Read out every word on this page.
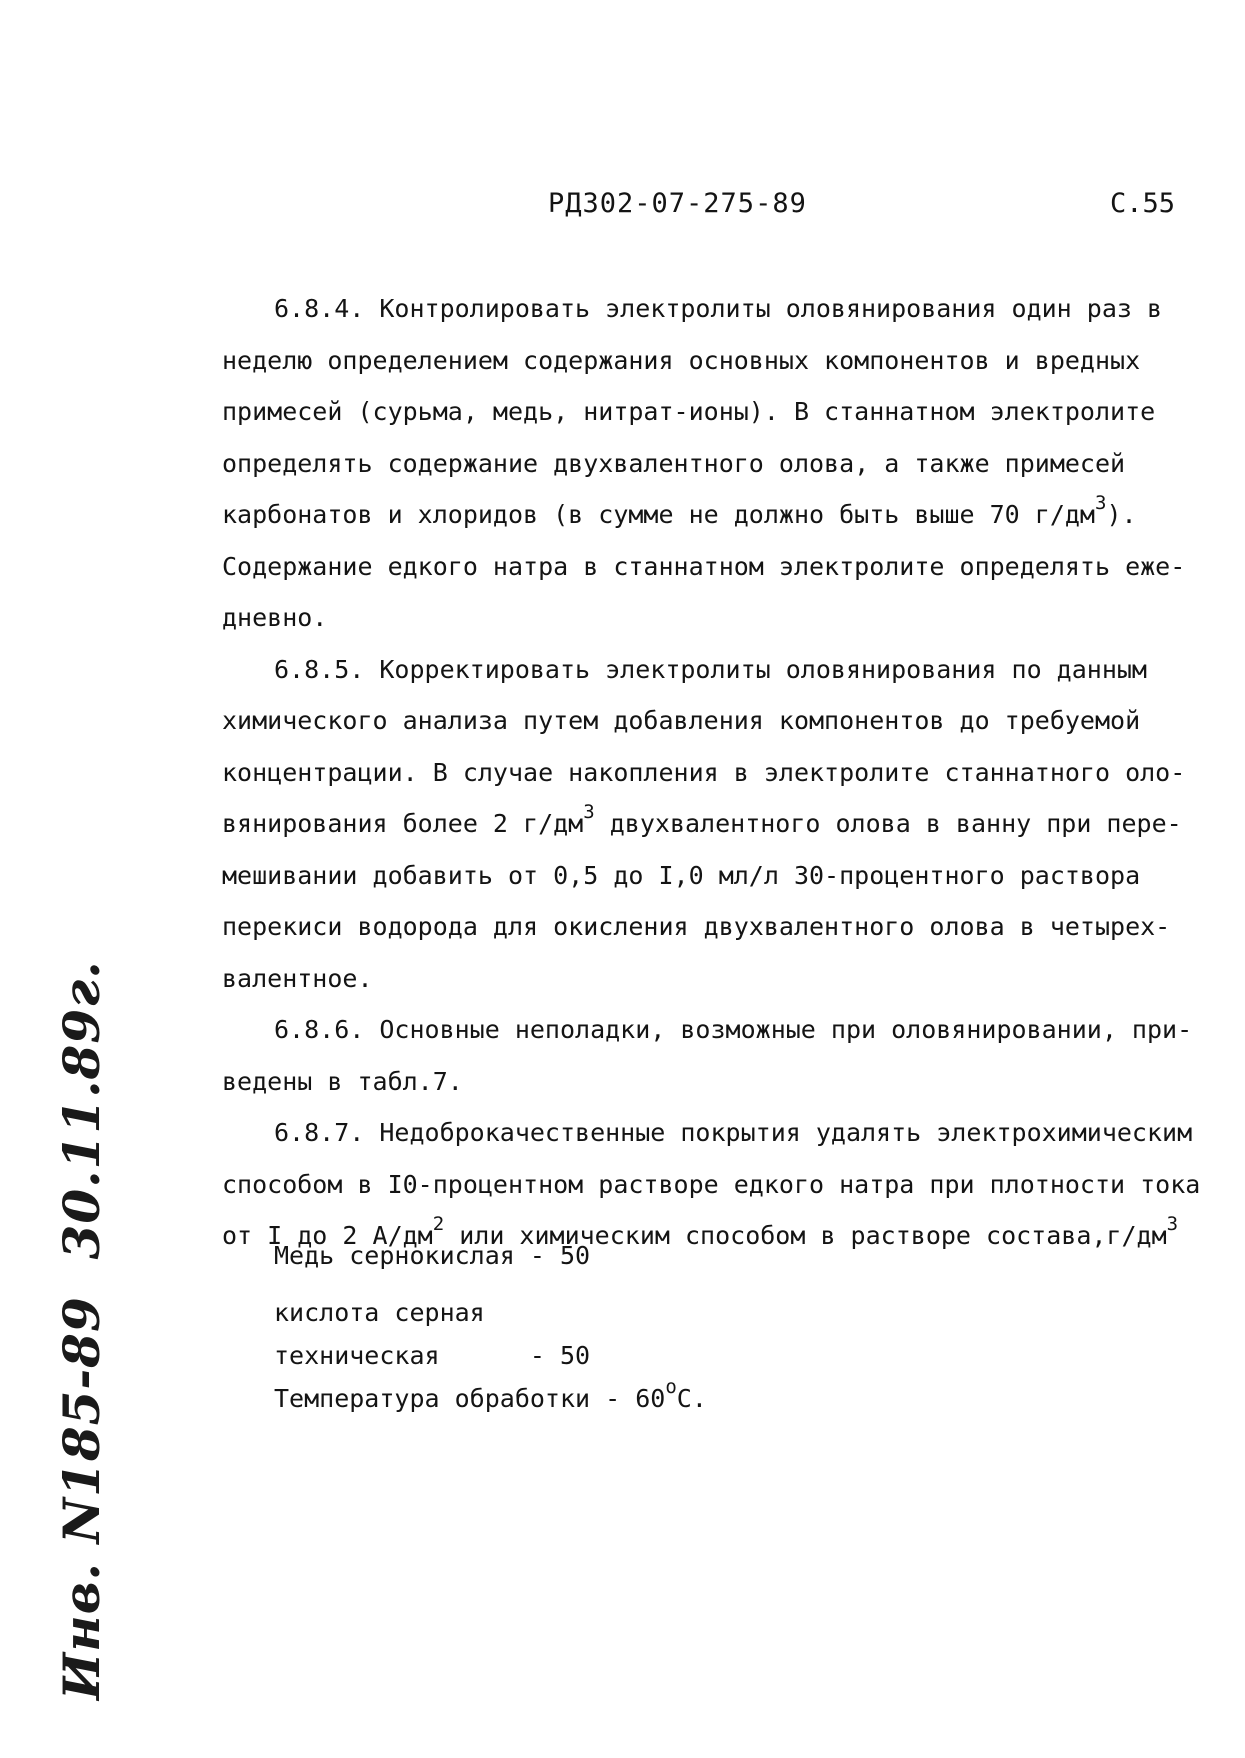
РД302-07-275-89	С.55
6.8.4. Контролировать электролиты оловянирования один раз в
неделю определением содержания основных компонентов и вредных
примесей (сурьма, медь, нитрат-ионы). В станнатном электролите
определять содержание двухвалентного олова, а также примесей
карбонатов и хлоридов (в сумме не должно быть выше 70 $г/дм^3$).
Содержание едкого натра в станнатном электролите определять еже-
дневно.
6.8.5. Корректировать электролиты оловянирования по данным
химического анализа путем добавления компонентов до требуемой
концентрации. В случае накопления в электролите станнатного оло-
вянирования более 2 $г/дм^3$ двухвалентного олова в ванну при пере-
мешивании добавить от 0,5 до I,0 мл/л 30-процентного раствора
перекиси водорода для окисления двухвалентного олова в четырех-
валентное.
6.8.6. Основные неполадки, возможные при оловянировании, при-
ведены в табл.7.
6.8.7. Недоброкачественные покрытия удалять электрохимическим
способом в I0-процентном растворе едкого натра при плотности тока
от I до 2 $А/дм^2$ или химическим способом в растворе $состава,г/дм^3$
Медь сернокислая - 50
кислота серная
техническая      - 50
Температура обработки - $60^оС$.
Инв. N185-89  30.11.89г.
